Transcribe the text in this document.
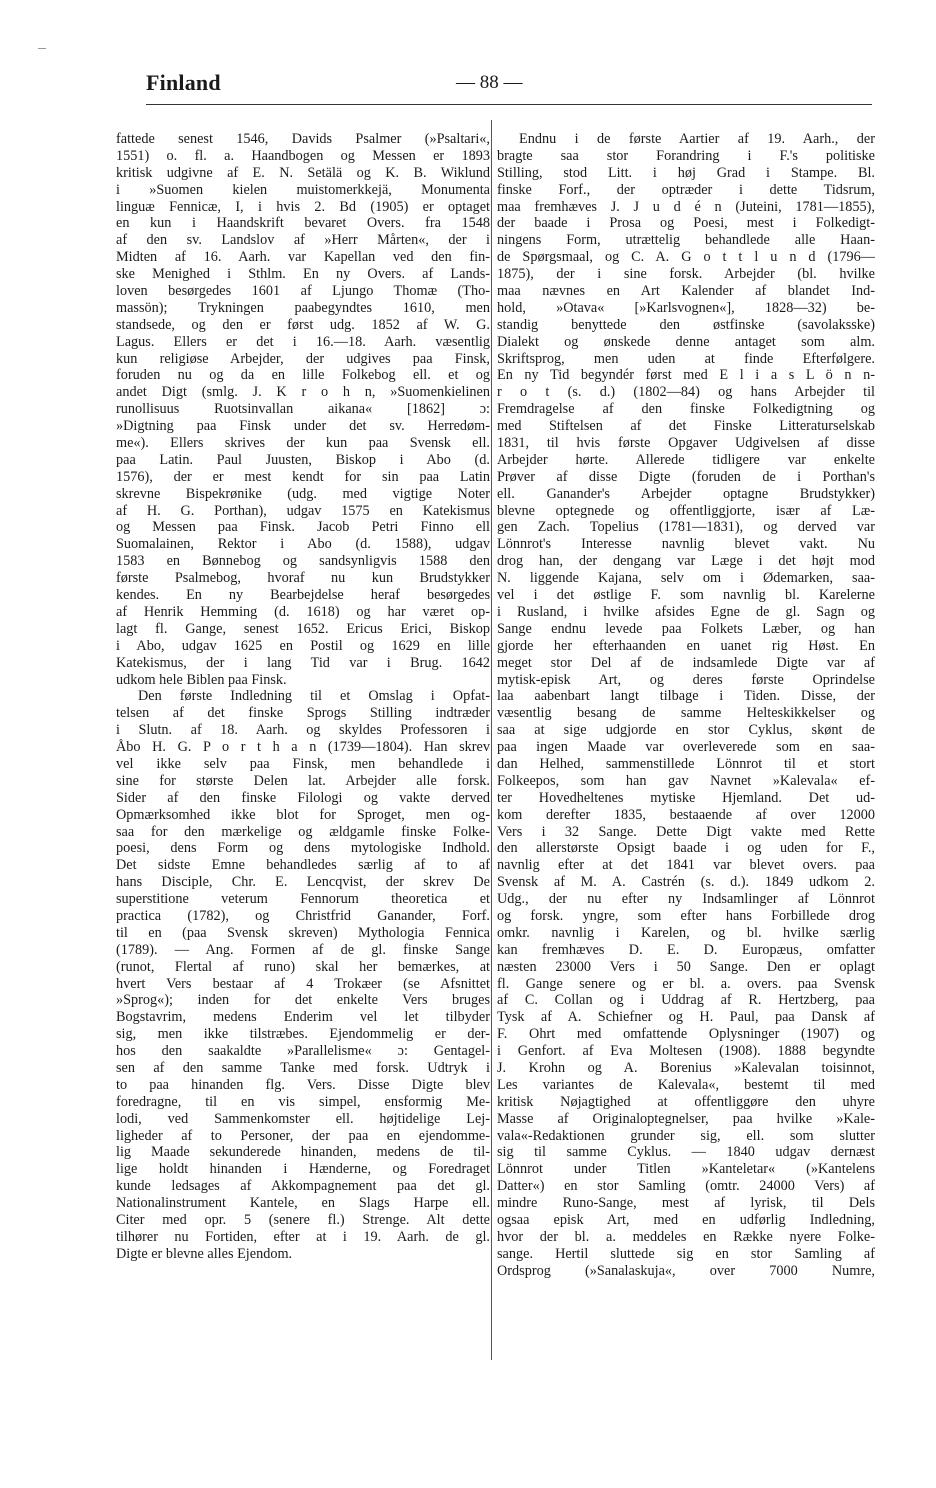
Finland	— 88 —
fattede senest 1546, Davids Psalmer (»Psaltari«,
1551) o. fl. a. Haandbogen og Messen er 1893
kritisk udgivne af E. N. Setälä og K. B. Wiklund
i »Suomen kielen muistomerkkejä, Monumenta
linguæ Fennicæ, I, i hvis 2. Bd (1905) er optaget
en kun i Haandskrift bevaret Overs. fra 1548
af den sv. Landslov af »Herr Mårten«, der i
Midten af 16. Aarh. var Kapellan ved den fin-
ske Menighed i Sthlm. En ny Overs. af Lands-
loven besørgedes 1601 af Ljungo Thomæ (Tho-
massön); Trykningen paabegyndtes 1610, men
standsede, og den er først udg. 1852 af W. G.
Lagus. Ellers er det i 16.—18. Aarh. væsentlig
kun religiøse Arbejder, der udgives paa Finsk,
foruden nu og da en lille Folkebog ell. et og
andet Digt (smlg. J. K r o h n, »Suomenkielinen
runollisuus Ruotsinvallan aikana« [1862] ɔ:
»Digtning paa Finsk under det sv. Herredøm-
me«). Ellers skrives der kun paa Svensk ell.
paa Latin. Paul Juusten, Biskop i Abo (d.
1576), der er mest kendt for sin paa Latin
skrevne Bispekrønike (udg. med vigtige Noter
af H. G. Porthan), udgav 1575 en Katekismus
og Messen paa Finsk. Jacob Petri Finno ell
Suomalainen, Rektor i Abo (d. 1588), udgav
1583 en Bønnebog og sandsynligvis 1588 den
første Psalmebog, hvoraf nu kun Brudstykker
kendes. En ny Bearbejdelse heraf besørgedes
af Henrik Hemming (d. 1618) og har været op-
lagt fl. Gange, senest 1652. Ericus Erici, Biskop
i Abo, udgav 1625 en Postil og 1629 en lille
Katekismus, der i lang Tid var i Brug. 1642
udkom hele Biblen paa Finsk.
Den første Indledning til et Omslag i Opfat-
telsen af det finske Sprogs Stilling indtræder
i Slutn. af 18. Aarh. og skyldes Professoren i
Åbo H. G. P o r t h a n (1739—1804). Han skrev
vel ikke selv paa Finsk, men behandlede i
sine for største Delen lat. Arbejder alle forsk.
Sider af den finske Filologi og vakte derved
Opmærksomhed ikke blot for Sproget, men og-
saa for den mærkelige og ældgamle finske Folke-
poesi, dens Form og dens mytologiske Indhold.
Det sidste Emne behandledes særlig af to af
hans Disciple, Chr. E. Lencqvist, der skrev De
superstitione veterum Fennorum theoretica et
practica (1782), og Christfrid Ganander, Forf.
til en (paa Svensk skreven) Mythologia Fennica
(1789). — Ang. Formen af de gl. finske Sange
(runot, Flertal af runo) skal her bemærkes, at
hvert Vers bestaar af 4 Trokæer (se Afsnittet
»Sprog«); inden for det enkelte Vers bruges
Bogstavrim, medens Enderim vel let tilbyder
sig, men ikke tilstræbes. Ejendommelig er der-
hos den saakaldte »Parallelisme« ɔ: Gentagel-
sen af den samme Tanke med forsk. Udtryk i
to paa hinanden flg. Vers. Disse Digte blev
foredragne, til en vis simpel, ensformig Me-
lodi, ved Sammenkomster ell. højtidelige Lej-
ligheder af to Personer, der paa en ejendomme-
lig Maade sekunderede hinanden, medens de til-
lige holdt hinanden i Hænderne, og Foredraget
kunde ledsages af Akkompagnement paa det gl.
Nationalinstrument Kantele, en Slags Harpe ell.
Citer med opr. 5 (senere fl.) Strenge. Alt dette
tilhører nu Fortiden, efter at i 19. Aarh. de gl.
Digte er blevne alles Ejendom.
Endnu i de første Aartier af 19. Aarh., der
bragte saa stor Forandring i F.'s politiske
Stilling, stod Litt. i høj Grad i Stampe. Bl.
finske Forf., der optræder i dette Tidsrum,
maa fremhæves J. J u d é n (Juteini, 1781—1855),
der baade i Prosa og Poesi, mest i Folkedigt-
ningens Form, utrættelig behandlede alle Haan-
de Spørgsmaal, og C. A. G o t t l u n d (1796—
1875), der i sine forsk. Arbejder (bl. hvilke
maa nævnes en Art Kalender af blandet Ind-
hold, »Otava« [»Karlsvognen«], 1828—32) be-
standig benyttede den østfinske (savolaksske)
Dialekt og ønskede denne antaget som alm.
Skriftsprog, men uden at finde Efterfølgere.
En ny Tid begyndér først med E l i a s L ö n n-
r o t (s. d.) (1802—84) og hans Arbejder til
Fremdragelse af den finske Folkedigtning og
med Stiftelsen af det Finske Litteraturselskab
1831, til hvis første Opgaver Udgivelsen af disse
Arbejder hørte. Allerede tidligere var enkelte
Prøver af disse Digte (foruden de i Porthan's
ell. Ganander's Arbejder optagne Brudstykker)
blevne optegnede og offentliggjorte, især af Læ-
gen Zach. Topelius (1781—1831), og derved var
Lönnrot's Interesse navnlig blevet vakt. Nu
drog han, der dengang var Læge i det højt mod
N. liggende Kajana, selv om i Ødemarken, saa-
vel i det østlige F. som navnlig bl. Karelerne
i Rusland, i hvilke afsides Egne de gl. Sagn og
Sange endnu levede paa Folkets Læber, og han
gjorde her efterhaanden en uanet rig Høst. En
meget stor Del af de indsamlede Digte var af
mytisk-episk Art, og deres første Oprindelse
laa aabenbart langt tilbage i Tiden. Disse, der
væsentlig besang de samme Helteskikkelser og
saa at sige udgjorde en stor Cyklus, skønt de
paa ingen Maade var overleverede som en saa-
dan Helhed, sammenstillede Lönnrot til et stort
Folkeepos, som han gav Navnet »Kalevala« ef-
ter Hovedheltenes mytiske Hjemland. Det ud-
kom derefter 1835, bestaaende af over 12000
Vers i 32 Sange. Dette Digt vakte med Rette
den allerstørste Opsigt baade i og uden for F.,
navnlig efter at det 1841 var blevet overs. paa
Svensk af M. A. Castrén (s. d.). 1849 udkom 2.
Udg., der nu efter ny Indsamlinger af Lönnrot
og forsk. yngre, som efter hans Forbillede drog
omkr. navnlig i Karelen, og bl. hvilke særlig
kan fremhæves D. E. D. Europæus, omfatter
næsten 23000 Vers i 50 Sange. Den er oplagt
fl. Gange senere og er bl. a. overs. paa Svensk
af C. Collan og i Uddrag af R. Hertzberg, paa
Tysk af A. Schiefner og H. Paul, paa Dansk af
F. Ohrt med omfattende Oplysninger (1907) og
i Genfort. af Eva Moltesen (1908). 1888 begyndte
J. Krohn og A. Borenius »Kalevalan toisinnot,
Les variantes de Kalevala«, bestemt til med
kritisk Nøjagtighed at offentliggøre den uhyre
Masse af Originaloptegnelser, paa hvilke »Kale-
vala«-Redaktionen grunder sig, ell. som slutter
sig til samme Cyklus. — 1840 udgav dernæst
Lönnrot under Titlen »Kanteletar« (»Kantelens
Datter«) en stor Samling (omtr. 24000 Vers) af
mindre Runo-Sange, mest af lyrisk, til Dels
ogsaa episk Art, med en udførlig Indledning,
hvor der bl. a. meddeles en Række nyere Folke-
sange. Hertil sluttede sig en stor Samling af
Ordsprog (»Sanalaskuja«, over 7000 Numre,
